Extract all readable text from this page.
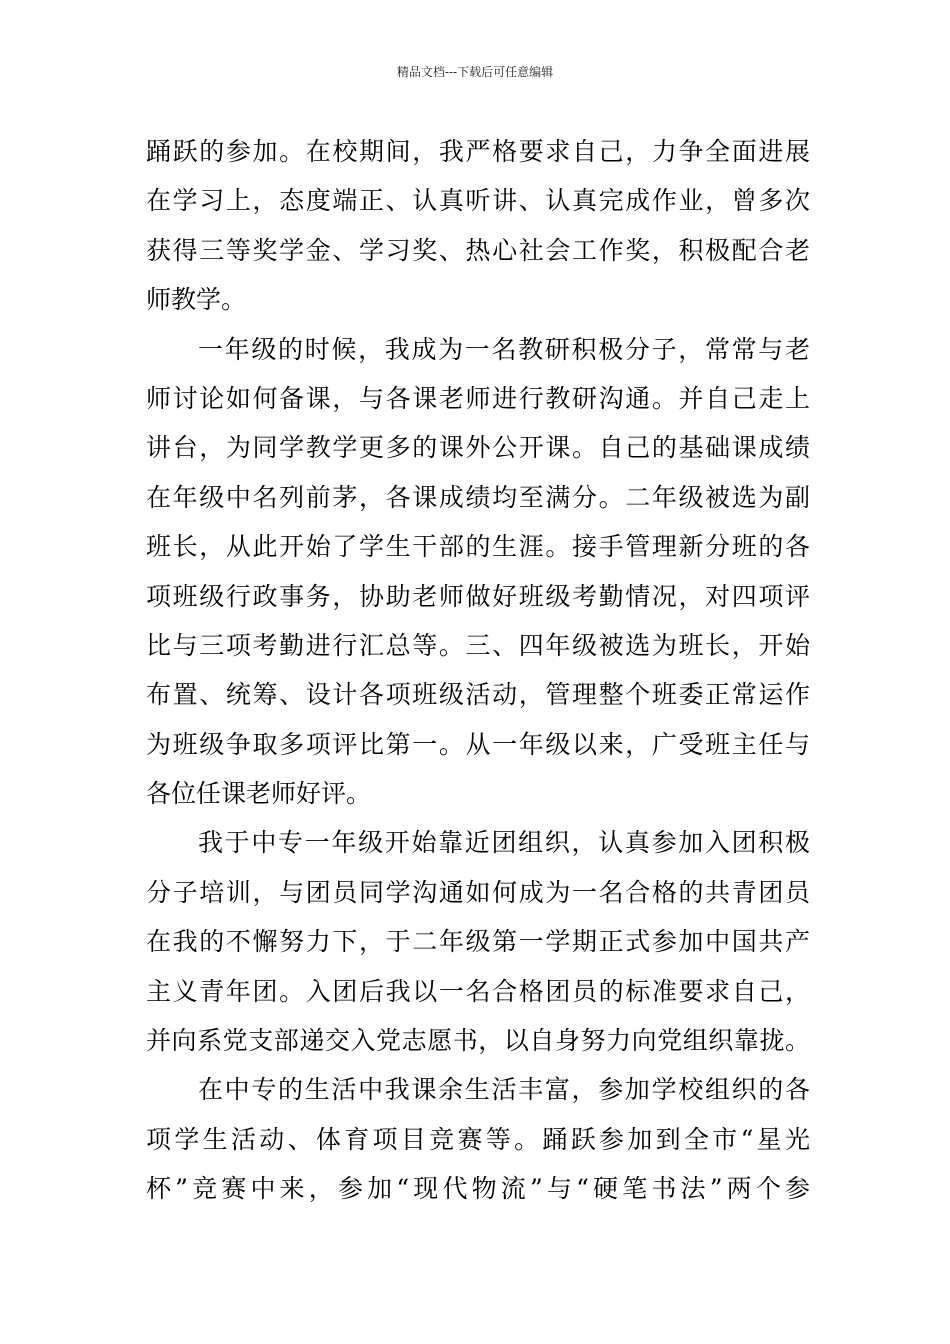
精品文档---下载后可任意编辑
踊跃的参加。在校期间，我严格要求自己，力争全面进展
在学习上，态度端正、认真听讲、认真完成作业，曾多次
获得三等奖学金、学习奖、热心社会工作奖，积极配合老
师教学。
一年级的时候，我成为一名教研积极分子，常常与老
师讨论如何备课，与各课老师进行教研沟通。并自己走上
讲台，为同学教学更多的课外公开课。自己的基础课成绩
在年级中名列前茅，各课成绩均至满分。二年级被选为副
班长，从此开始了学生干部的生涯。接手管理新分班的各
项班级行政事务，协助老师做好班级考勤情况，对四项评
比与三项考勤进行汇总等。三、四年级被选为班长，开始
布置、统筹、设计各项班级活动，管理整个班委正常运作
为班级争取多项评比第一。从一年级以来，广受班主任与
各位任课老师好评。
我于中专一年级开始靠近团组织，认真参加入团积极
分子培训，与团员同学沟通如何成为一名合格的共青团员
在我的不懈努力下，于二年级第一学期正式参加中国共产
主义青年团。入团后我以一名合格团员的标准要求自己，
并向系党支部递交入党志愿书，以自身努力向党组织靠拢。
在中专的生活中我课余生活丰富，参加学校组织的各
项学生活动、体育项目竞赛等。踊跃参加到全市“星光
杯”竞赛中来，参加“现代物流”与“硬笔书法”两个参
